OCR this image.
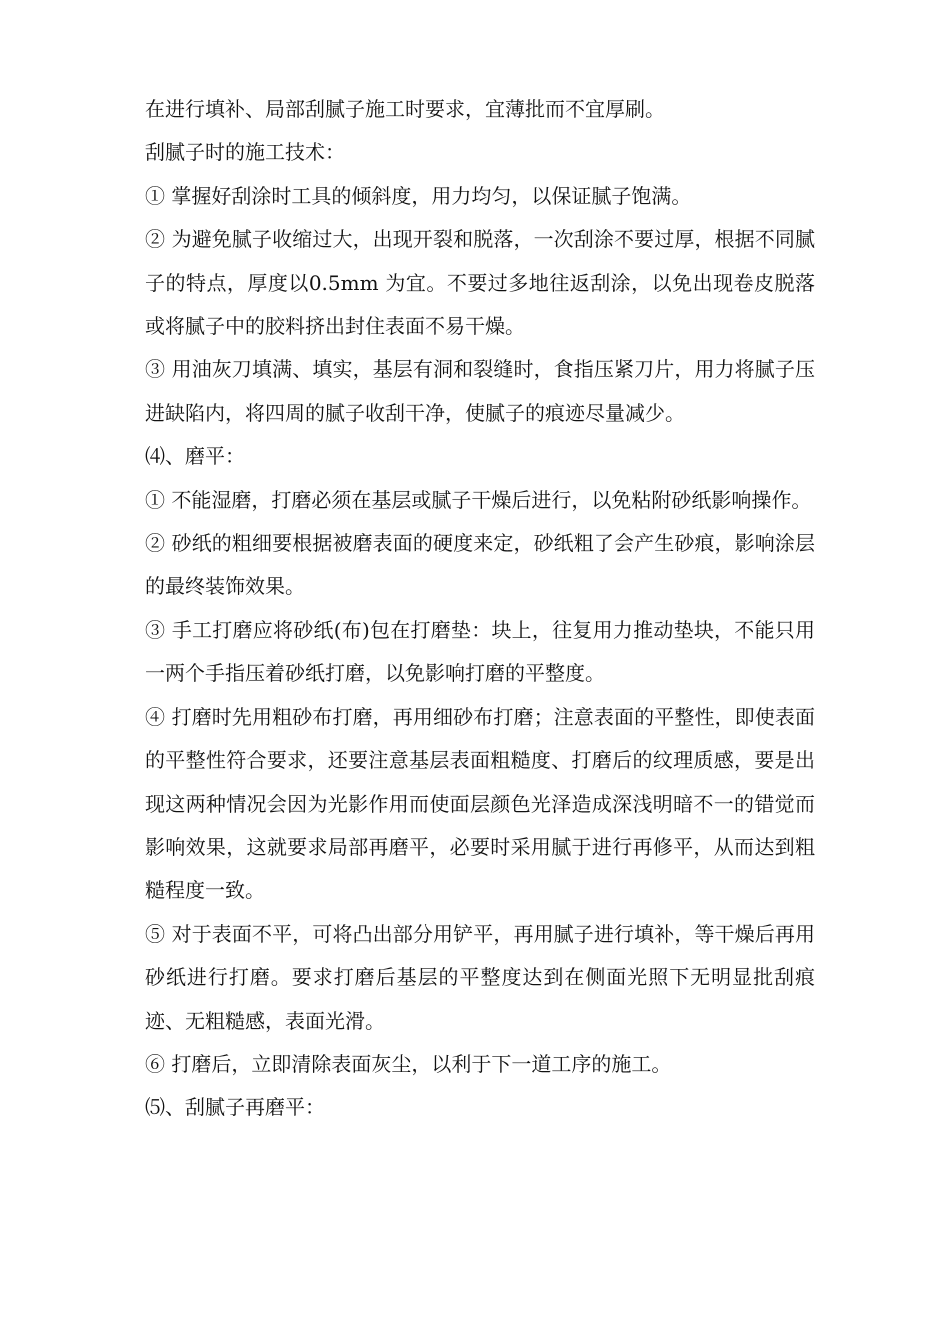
在进行填补、局部刮腻子施工时要求，宜薄批而不宜厚刷。

刮腻子时的施工技术：

① 掌握好刮涂时工具的倾斜度，用力均匀，以保证腻子饱满。

② 为避免腻子收缩过大，出现开裂和脱落，一次刮涂不要过厚，根据不同腻子的特点，厚度以0.5mm 为宜。不要过多地往返刮涂，以免出现卷皮脱落或将腻子中的胶料挤出封住表面不易干燥。

③ 用油灰刀填满、填实，基层有洞和裂缝时，食指压紧刀片，用力将腻子压进缺陷内，将四周的腻子收刮干净，使腻子的痕迹尽量减少。

⑷、磨平：

① 不能湿磨，打磨必须在基层或腻子干燥后进行，以免粘附砂纸影响操作。

② 砂纸的粗细要根据被磨表面的硬度来定，砂纸粗了会产生砂痕，影响涂层的最终装饰效果。

③ 手工打磨应将砂纸(布)包在打磨垫：块上，往复用力推动垫块，不能只用一两个手指压着砂纸打磨，以免影响打磨的平整度。

④ 打磨时先用粗砂布打磨，再用细砂布打磨；注意表面的平整性，即使表面的平整性符合要求，还要注意基层表面粗糙度、打磨后的纹理质感，要是出现这两种情况会因为光影作用而使面层颜色光泽造成深浅明暗不一的错觉而影响效果，这就要求局部再磨平，必要时采用腻于进行再修平，从而达到粗糙程度一致。

⑤ 对于表面不平，可将凸出部分用铲平，再用腻子进行填补，等干燥后再用砂纸进行打磨。要求打磨后基层的平整度达到在侧面光照下无明显批刮痕迹、无粗糙感，表面光滑。

⑥ 打磨后，立即清除表面灰尘，以利于下一道工序的施工。

⑸、刮腻子再磨平：
